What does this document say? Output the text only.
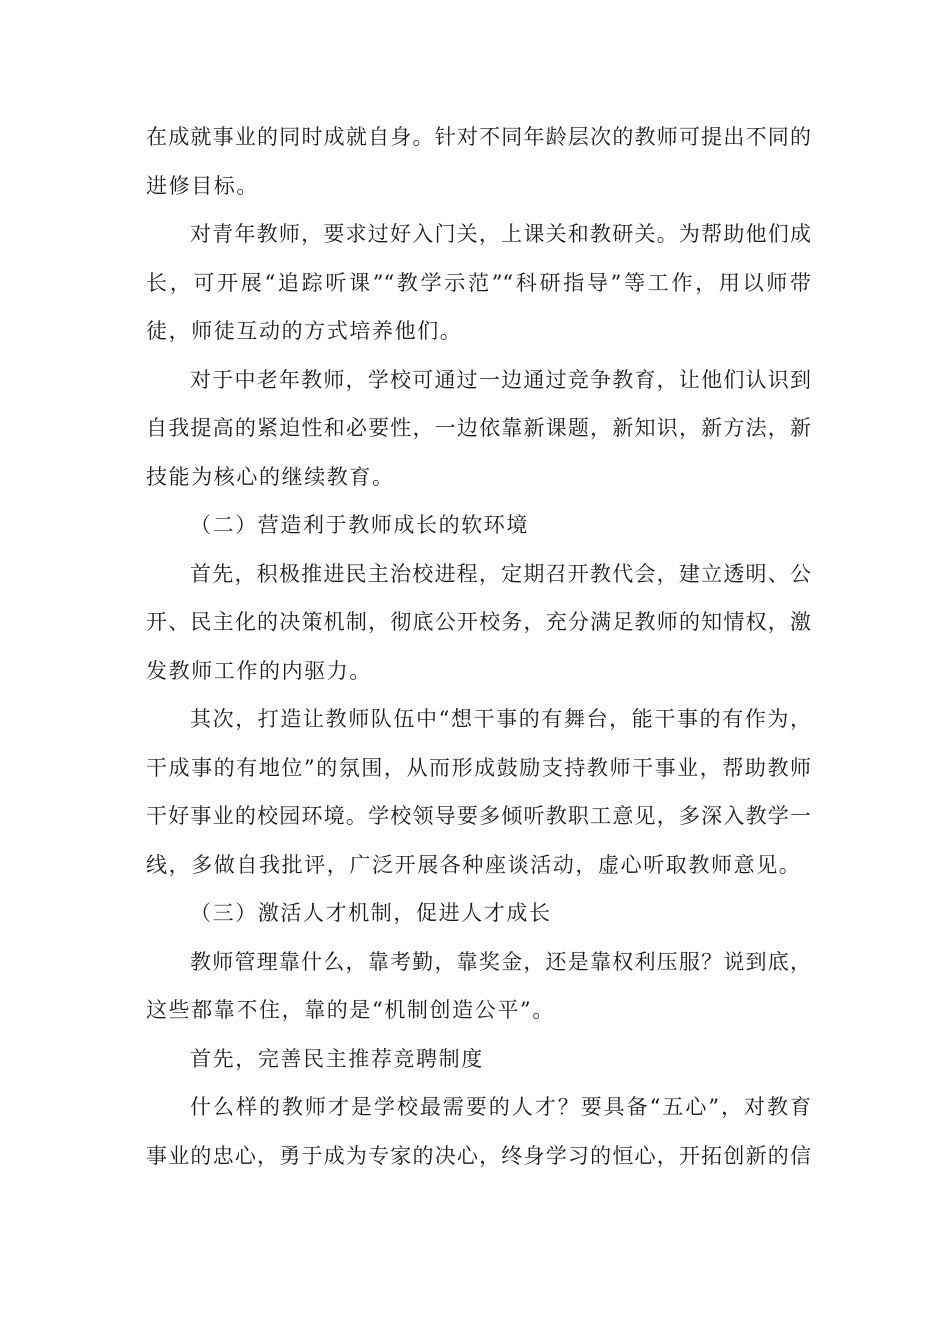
在成就事业的同时成就自身。针对不同年龄层次的教师可提出不同的
进修目标。
对青年教师，要求过好入门关，上课关和教研关。为帮助他们成
长，可开展“追踪听课”“教学示范”“科研指导”等工作，用以师带
徒，师徒互动的方式培养他们。
对于中老年教师，学校可通过一边通过竞争教育，让他们认识到
自我提高的紧迫性和必要性，一边依靠新课题，新知识，新方法，新
技能为核心的继续教育。
（二）营造利于教师成长的软环境
首先，积极推进民主治校进程，定期召开教代会，建立透明、公
开、民主化的决策机制，彻底公开校务，充分满足教师的知情权，激
发教师工作的内驱力。
其次，打造让教师队伍中“想干事的有舞台，能干事的有作为，
干成事的有地位”的氛围，从而形成鼓励支持教师干事业，帮助教师
干好事业的校园环境。学校领导要多倾听教职工意见，多深入教学一
线，多做自我批评，广泛开展各种座谈活动，虚心听取教师意见。
（三）激活人才机制，促进人才成长
教师管理靠什么，靠考勤，靠奖金，还是靠权利压服？说到底，
这些都靠不住，靠的是“机制创造公平”。
首先，完善民主推荐竞聘制度
什么样的教师才是学校最需要的人才？要具备“五心”，对教育
事业的忠心，勇于成为专家的决心，终身学习的恒心，开拓创新的信
